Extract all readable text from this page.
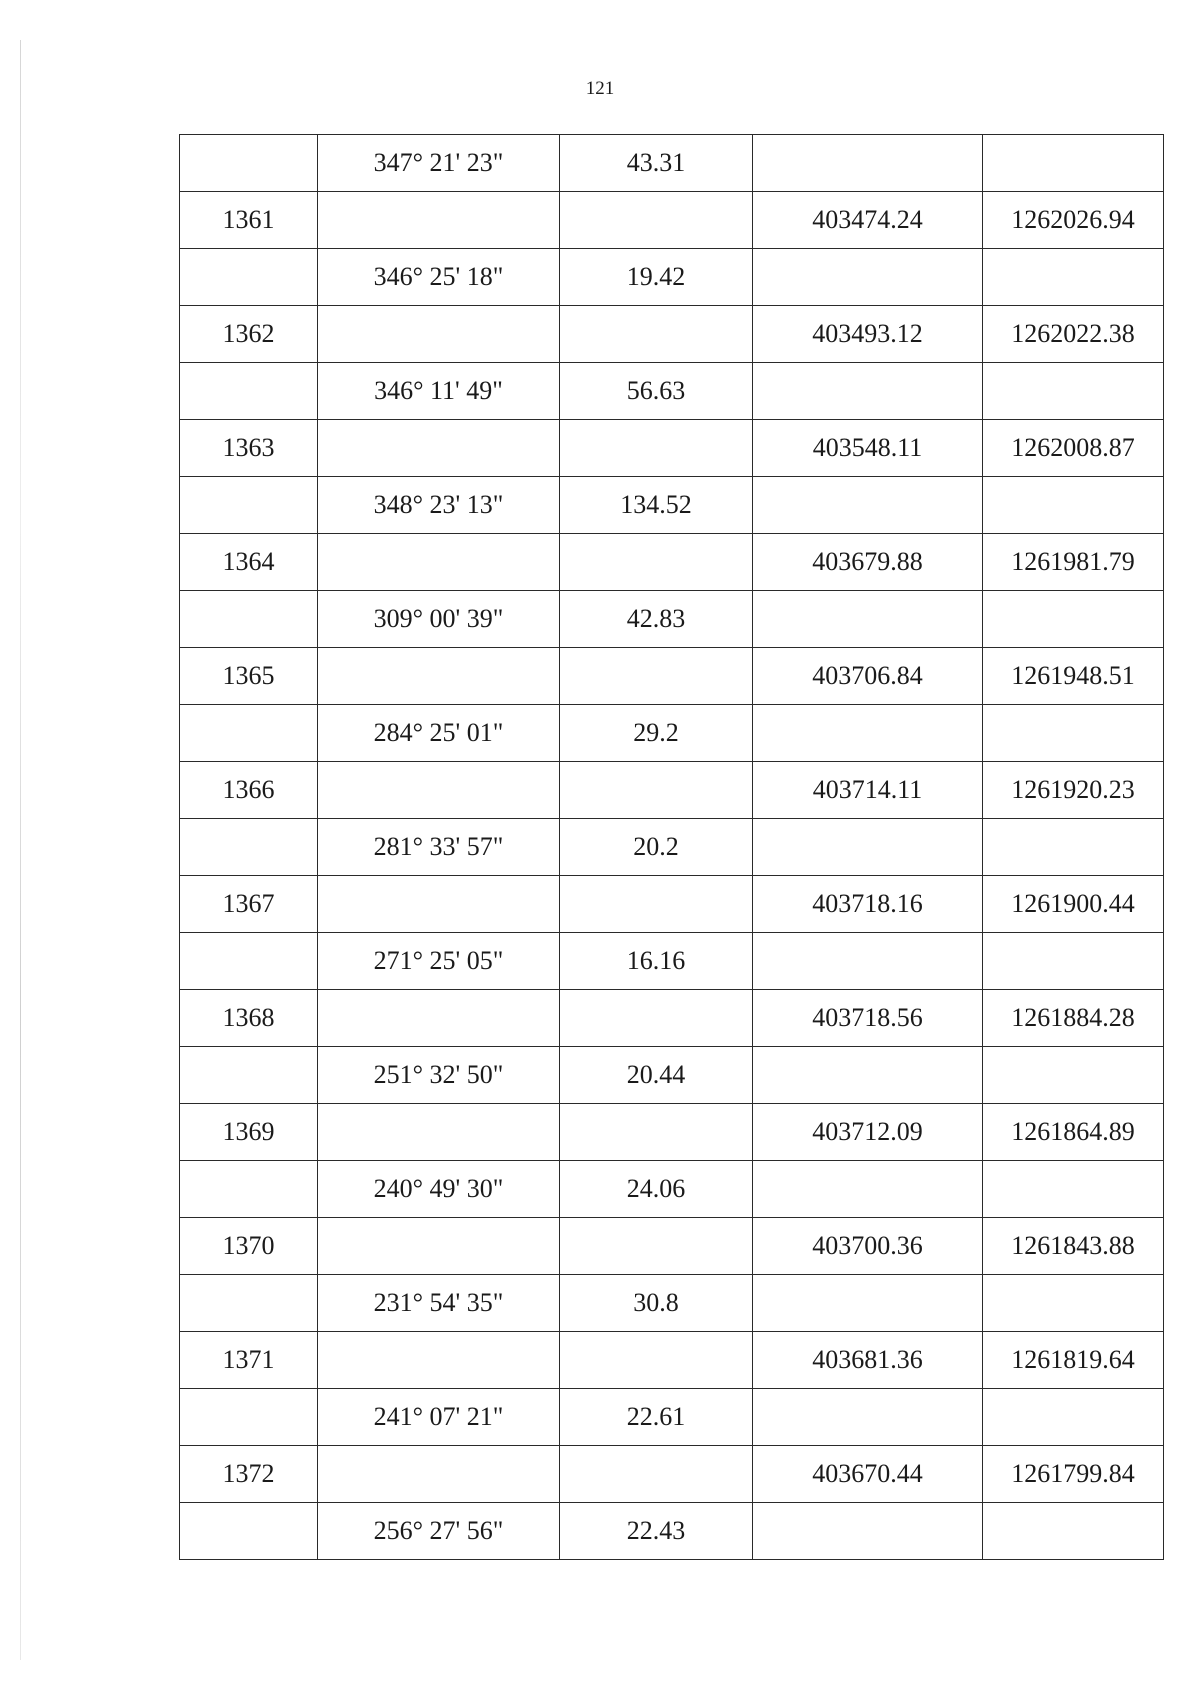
121
	347° 21' 23"	43.31		
1361			403474.24	1262026.94
	346° 25' 18"	19.42		
1362			403493.12	1262022.38
	346° 11' 49"	56.63		
1363			403548.11	1262008.87
	348° 23' 13"	134.52		
1364			403679.88	1261981.79
	309° 00' 39"	42.83		
1365			403706.84	1261948.51
	284° 25' 01"	29.2		
1366			403714.11	1261920.23
	281° 33' 57"	20.2		
1367			403718.16	1261900.44
	271° 25' 05"	16.16		
1368			403718.56	1261884.28
	251° 32' 50"	20.44		
1369			403712.09	1261864.89
	240° 49' 30"	24.06		
1370			403700.36	1261843.88
	231° 54' 35"	30.8		
1371			403681.36	1261819.64
	241° 07' 21"	22.61		
1372			403670.44	1261799.84
	256° 27' 56"	22.43		
